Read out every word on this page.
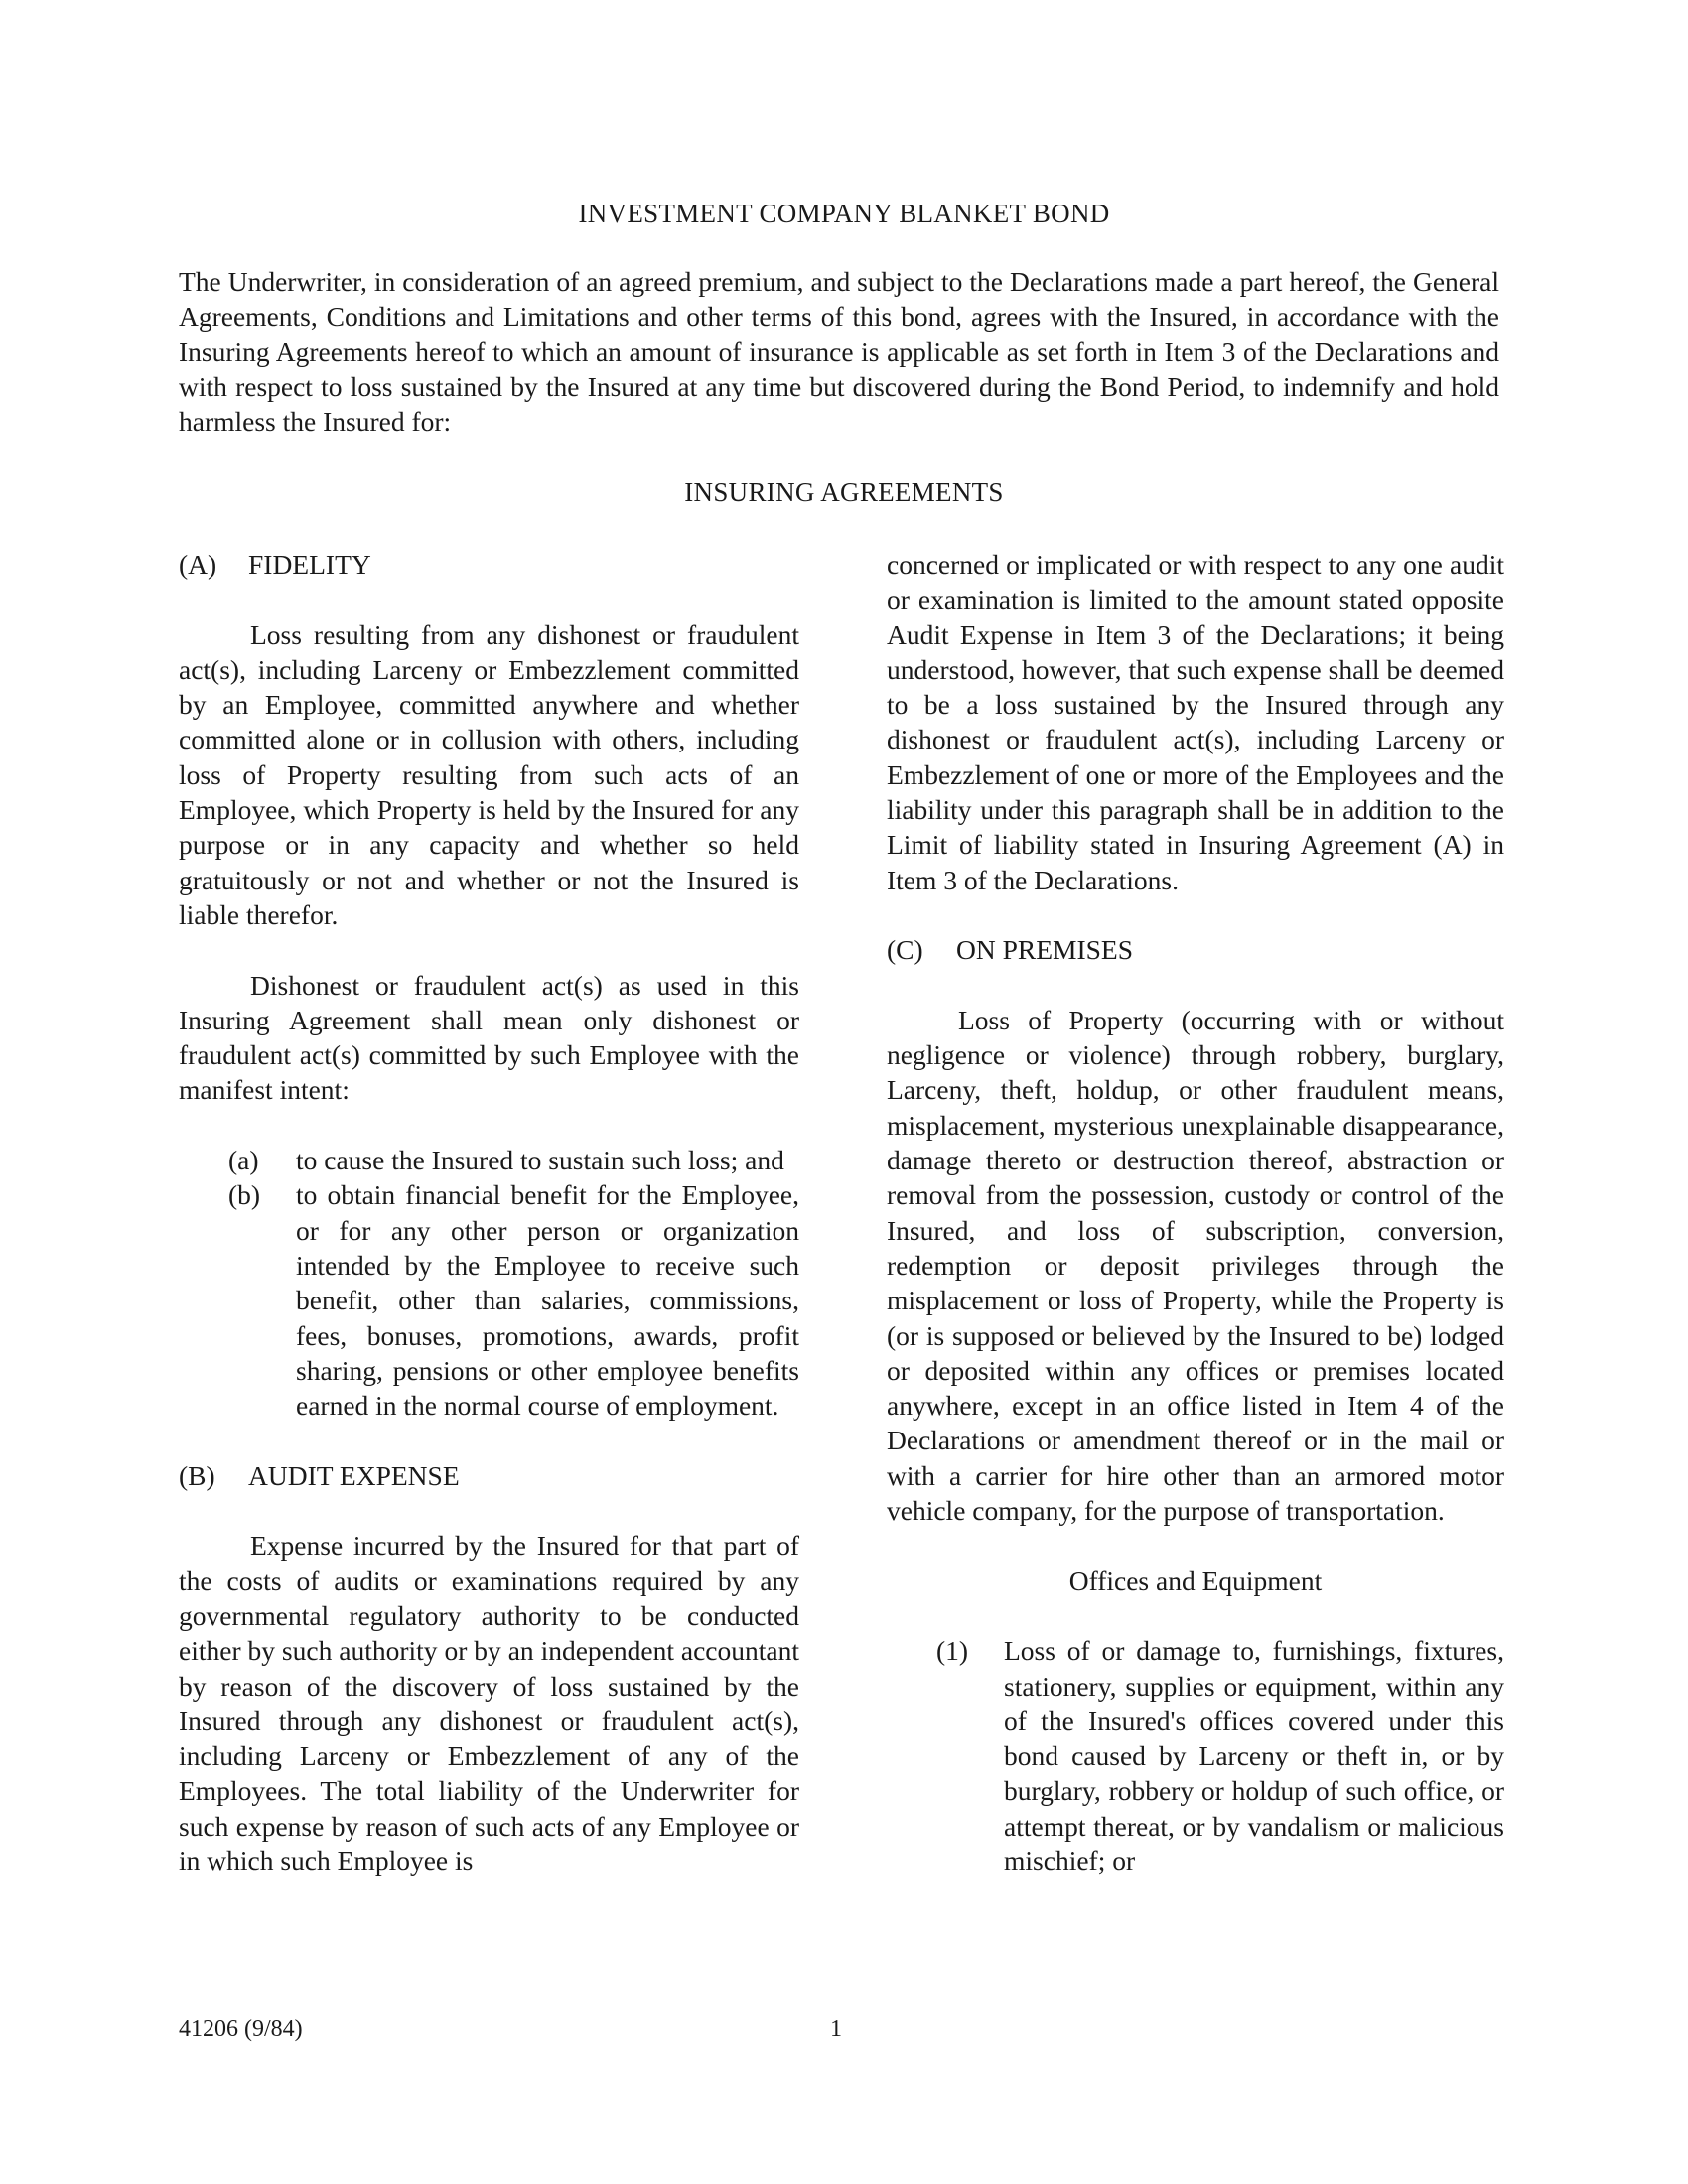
INVESTMENT COMPANY BLANKET BOND

The Underwriter, in consideration of an agreed premium, and subject to the Declarations made a part hereof, the General Agreements, Conditions and Limitations and other terms of this bond, agrees with the Insured, in accordance with the Insuring Agreements hereof to which an amount of insurance is applicable as set forth in Item 3 of the Declarations and with respect to loss sustained by the Insured at any time but discovered during the Bond Period, to indemnify and hold harmless the Insured for:

INSURING AGREEMENTS
(A)	FIDELITY

Loss resulting from any dishonest or fraudulent act(s), including Larceny or Embezzlement committed by an Employee, committed anywhere and whether committed alone or in collusion with others, including loss of Property resulting from such acts of an Employee, which Property is held by the Insured for any purpose or in any capacity and whether so held gratuitously or not and whether or not the Insured is liable therefor.

Dishonest or fraudulent act(s) as used in this Insuring Agreement shall mean only dishonest or fraudulent act(s) committed by such Employee with the manifest intent:

(a)	to cause the Insured to sustain such loss; and
(b)	to obtain financial benefit for the Employee, or for any other person or organization intended by the Employee to receive such benefit, other than salaries, commissions, fees, bonuses, promotions, awards, profit sharing, pensions or other employee benefits earned in the normal course of employment.
(B)	AUDIT EXPENSE

Expense incurred by the Insured for that part of the costs of audits or examinations required by any governmental regulatory authority to be conducted either by such authority or by an independent accountant by reason of the discovery of loss sustained by the Insured through any dishonest or fraudulent act(s), including Larceny or Embezzlement of any of the Employees. The total liability of the Underwriter for such expense by reason of such acts of any Employee or in which such Employee is

concerned or implicated or with respect to any one audit or examination is limited to the amount stated opposite Audit Expense in Item 3 of the Declarations; it being understood, however, that such expense shall be deemed to be a loss sustained by the Insured through any dishonest or fraudulent act(s), including Larceny or Embezzlement of one or more of the Employees and the liability under this paragraph shall be in addition to the Limit of liability stated in Insuring Agreement (A) in Item 3 of the Declarations.

(C)	ON PREMISES

Loss of Property (occurring with or without negligence or violence) through robbery, burglary, Larceny, theft, holdup, or other fraudulent means, misplacement, mysterious unexplainable disappearance, damage thereto or destruction thereof, abstraction or removal from the possession, custody or control of the Insured, and loss of subscription, conversion, redemption or deposit privileges through the misplacement or loss of Property, while the Property is (or is supposed or believed by the Insured to be) lodged or deposited within any offices or premises located anywhere, except in an office listed in Item 4 of the Declarations or amendment thereof or in the mail or with a carrier for hire other than an armored motor vehicle company, for the purpose of transportation.

Offices and Equipment

(1)	Loss of or damage to, furnishings, fixtures, stationery, supplies or equipment, within any of the Insured's offices covered under this bond caused by Larceny or theft in, or by burglary, robbery or holdup of such office, or attempt thereat, or by vandalism or malicious mischief; or
41206 (9/84)	1
